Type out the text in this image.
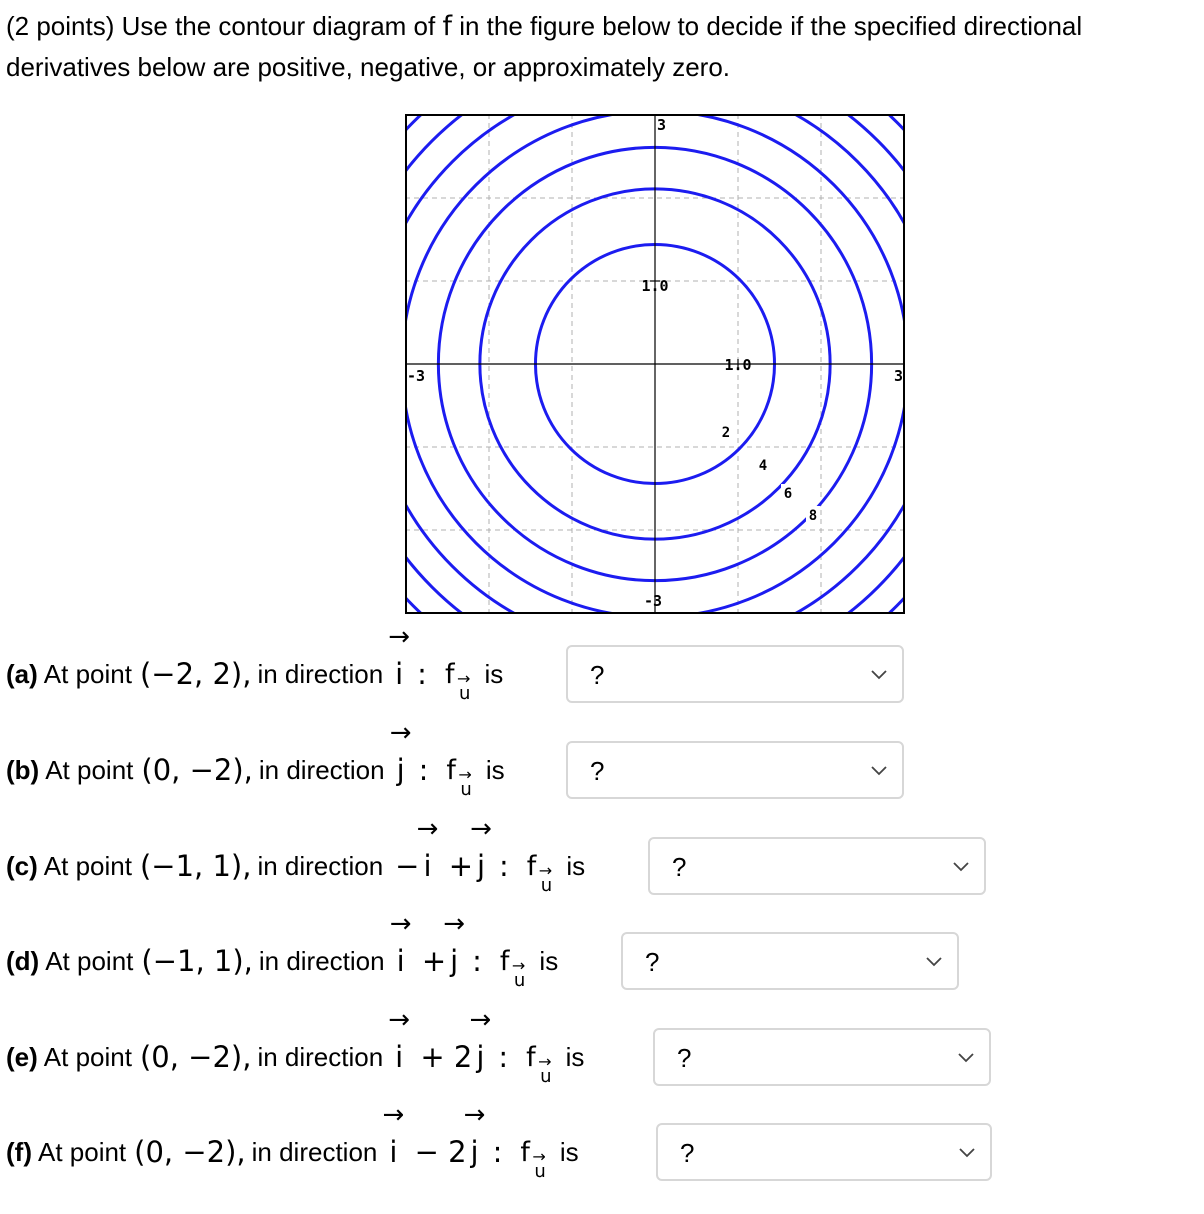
(2 points) Use the contour diagram of f in the figure below to decide if the specified directional derivatives below are positive, negative, or approximately zero.
3
-3
-3	3
1.0
1.0
2
4
6
8
(a) At point (−2, 2), in direction
→
i : f →
u
is	?
(b) At point (0, −2), in direction
→
j : f →
u
is	?
(c) At point (−1, 1), in direction −
→
i +
→
j : f →
u
is	?
(d) At point (−1, 1), in direction
→
i +
→
j : f →
u
is	?
(e) At point (0, −2), in direction
→
i + 2
→
j : f →
u
is	?
(f) At point (0, −2), in direction
→
i − 2
→
j : f →
u
is	?
